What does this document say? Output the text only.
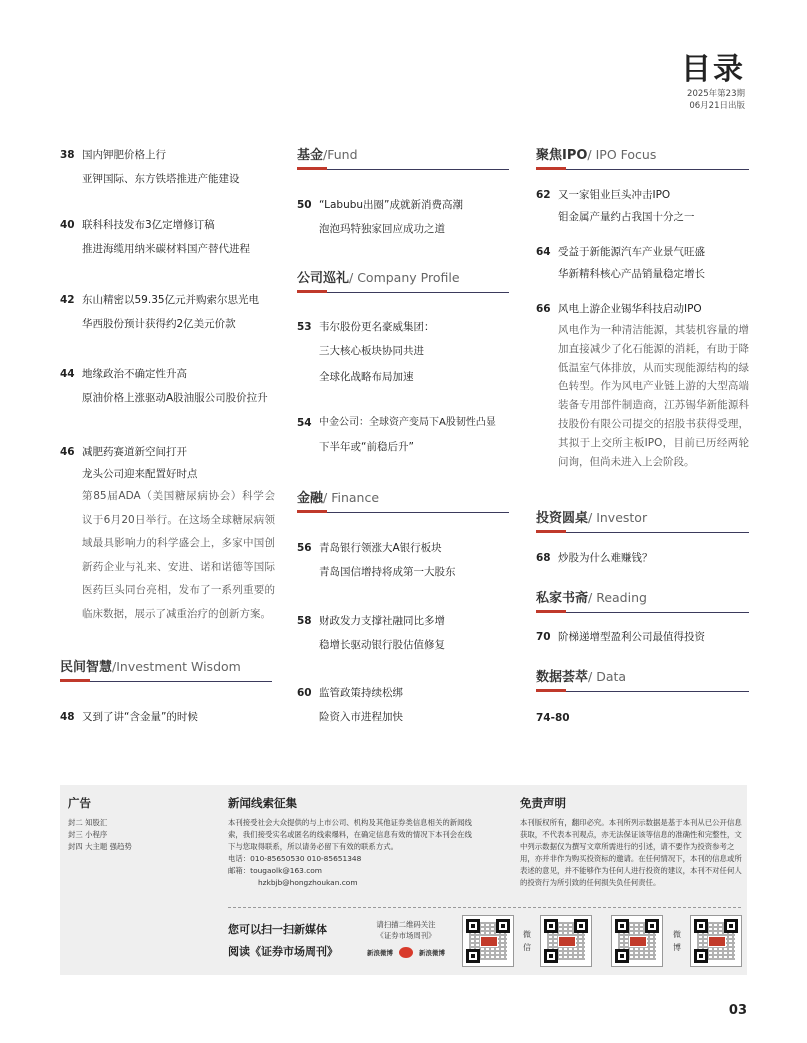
目录
2025年第23期
06月21日出版
38 国内钾肥价格上行
亚钾国际、东方铁塔推进产能建设
40 联科科技发布3亿定增修订稿
推进海缆用纳米碳材料国产替代进程
42 东山精密以59.35亿元并购索尔思光电
华西股份预计获得约2亿美元价款
44 地缘政治不确定性升高
原油价格上涨驱动A股油服公司股价拉升
46 减肥药赛道新空间打开
龙头公司迎来配置好时点
第85届ADA（美国糖尿病协会）科学会议于6月20日举行。在这场全球糖尿病领域最具影响力的科学盛会上，多家中国创新药企业与礼来、安进、诺和诺德等国际医药巨头同台亮相，发布了一系列重要的临床数据，展示了减重治疗的创新方案。
民间智慧/Investment Wisdom
48 又到了讲“含金量”的时候
基金/Fund
50 “Labubu出圈”成就新消费高潮
泡泡玛特独家回应成功之道
公司巡礼/ Company Profile
53 韦尔股份更名豪威集团：
三大核心板块协同共进
全球化战略布局加速
54 中金公司：全球资产变局下A股韧性凸显
下半年或“前稳后升”
金融/ Finance
56 青岛银行领涨大A银行板块
青岛国信增持将成第一大股东
58 财政发力支撑社融同比多增
稳增长驱动银行股估值修复
60 监管政策持续松绑
险资入市进程加快
聚焦IPO/ IPO Focus
62 又一家钼业巨头冲击IPO
钼金属产量约占我国十分之一
64 受益于新能源汽车产业景气旺盛
华新精科核心产品销量稳定增长
66 风电上游企业锡华科技启动IPO
风电作为一种清洁能源，其装机容量的增加直接减少了化石能源的消耗，有助于降低温室气体排放，从而实现能源结构的绿色转型。作为风电产业链上游的大型高端装备专用部件制造商，江苏锡华新能源科技股份有限公司提交的招股书获得受理，其拟于上交所主板IPO，目前已历经两轮问询，但尚未进入上会阶段。
投资圆桌/ Investor
68 炒股为什么难赚钱？
私家书斋/ Reading
70 阶梯递增型盈利公司最值得投资
数据荟萃/ Data
74-80
广告
封二 知股汇
封三 小程序
封四 大主题 强趋势
新闻线索征集
本刊接受社会大众提供的与上市公司、机构及其他证券类信息相关的新闻线索，我们接受实名或匿名的线索爆料，在确定信息有效的情况下本刊会在线下与您取得联系，所以请务必留下有效的联系方式。
电话：010-85650530 010-85651348
邮箱：tougaolk@163.com
hzkbjb@hongzhoukan.com
免责声明
本刊版权所有，翻印必究。本刊所列示数据是基于本刊从已公开信息获取，不代表本刊观点，亦无法保证该等信息的准确性和完整性，文中列示数据仅为撰写文章所需进行的引述，请不要作为投资参考之用，亦并非作为购买投资标的邀请。在任何情况下，本刊的信息或所表述的意见，并不能够作为任何人进行投资的建议，本刊不对任何人的投资行为所引致的任何损失负任何责任。
您可以扫一扫新媒体
阅读《证券市场周刊》
请扫描二维码关注
《证券市场周刊》
新浪微博	新浪微博
微信
微博
03
